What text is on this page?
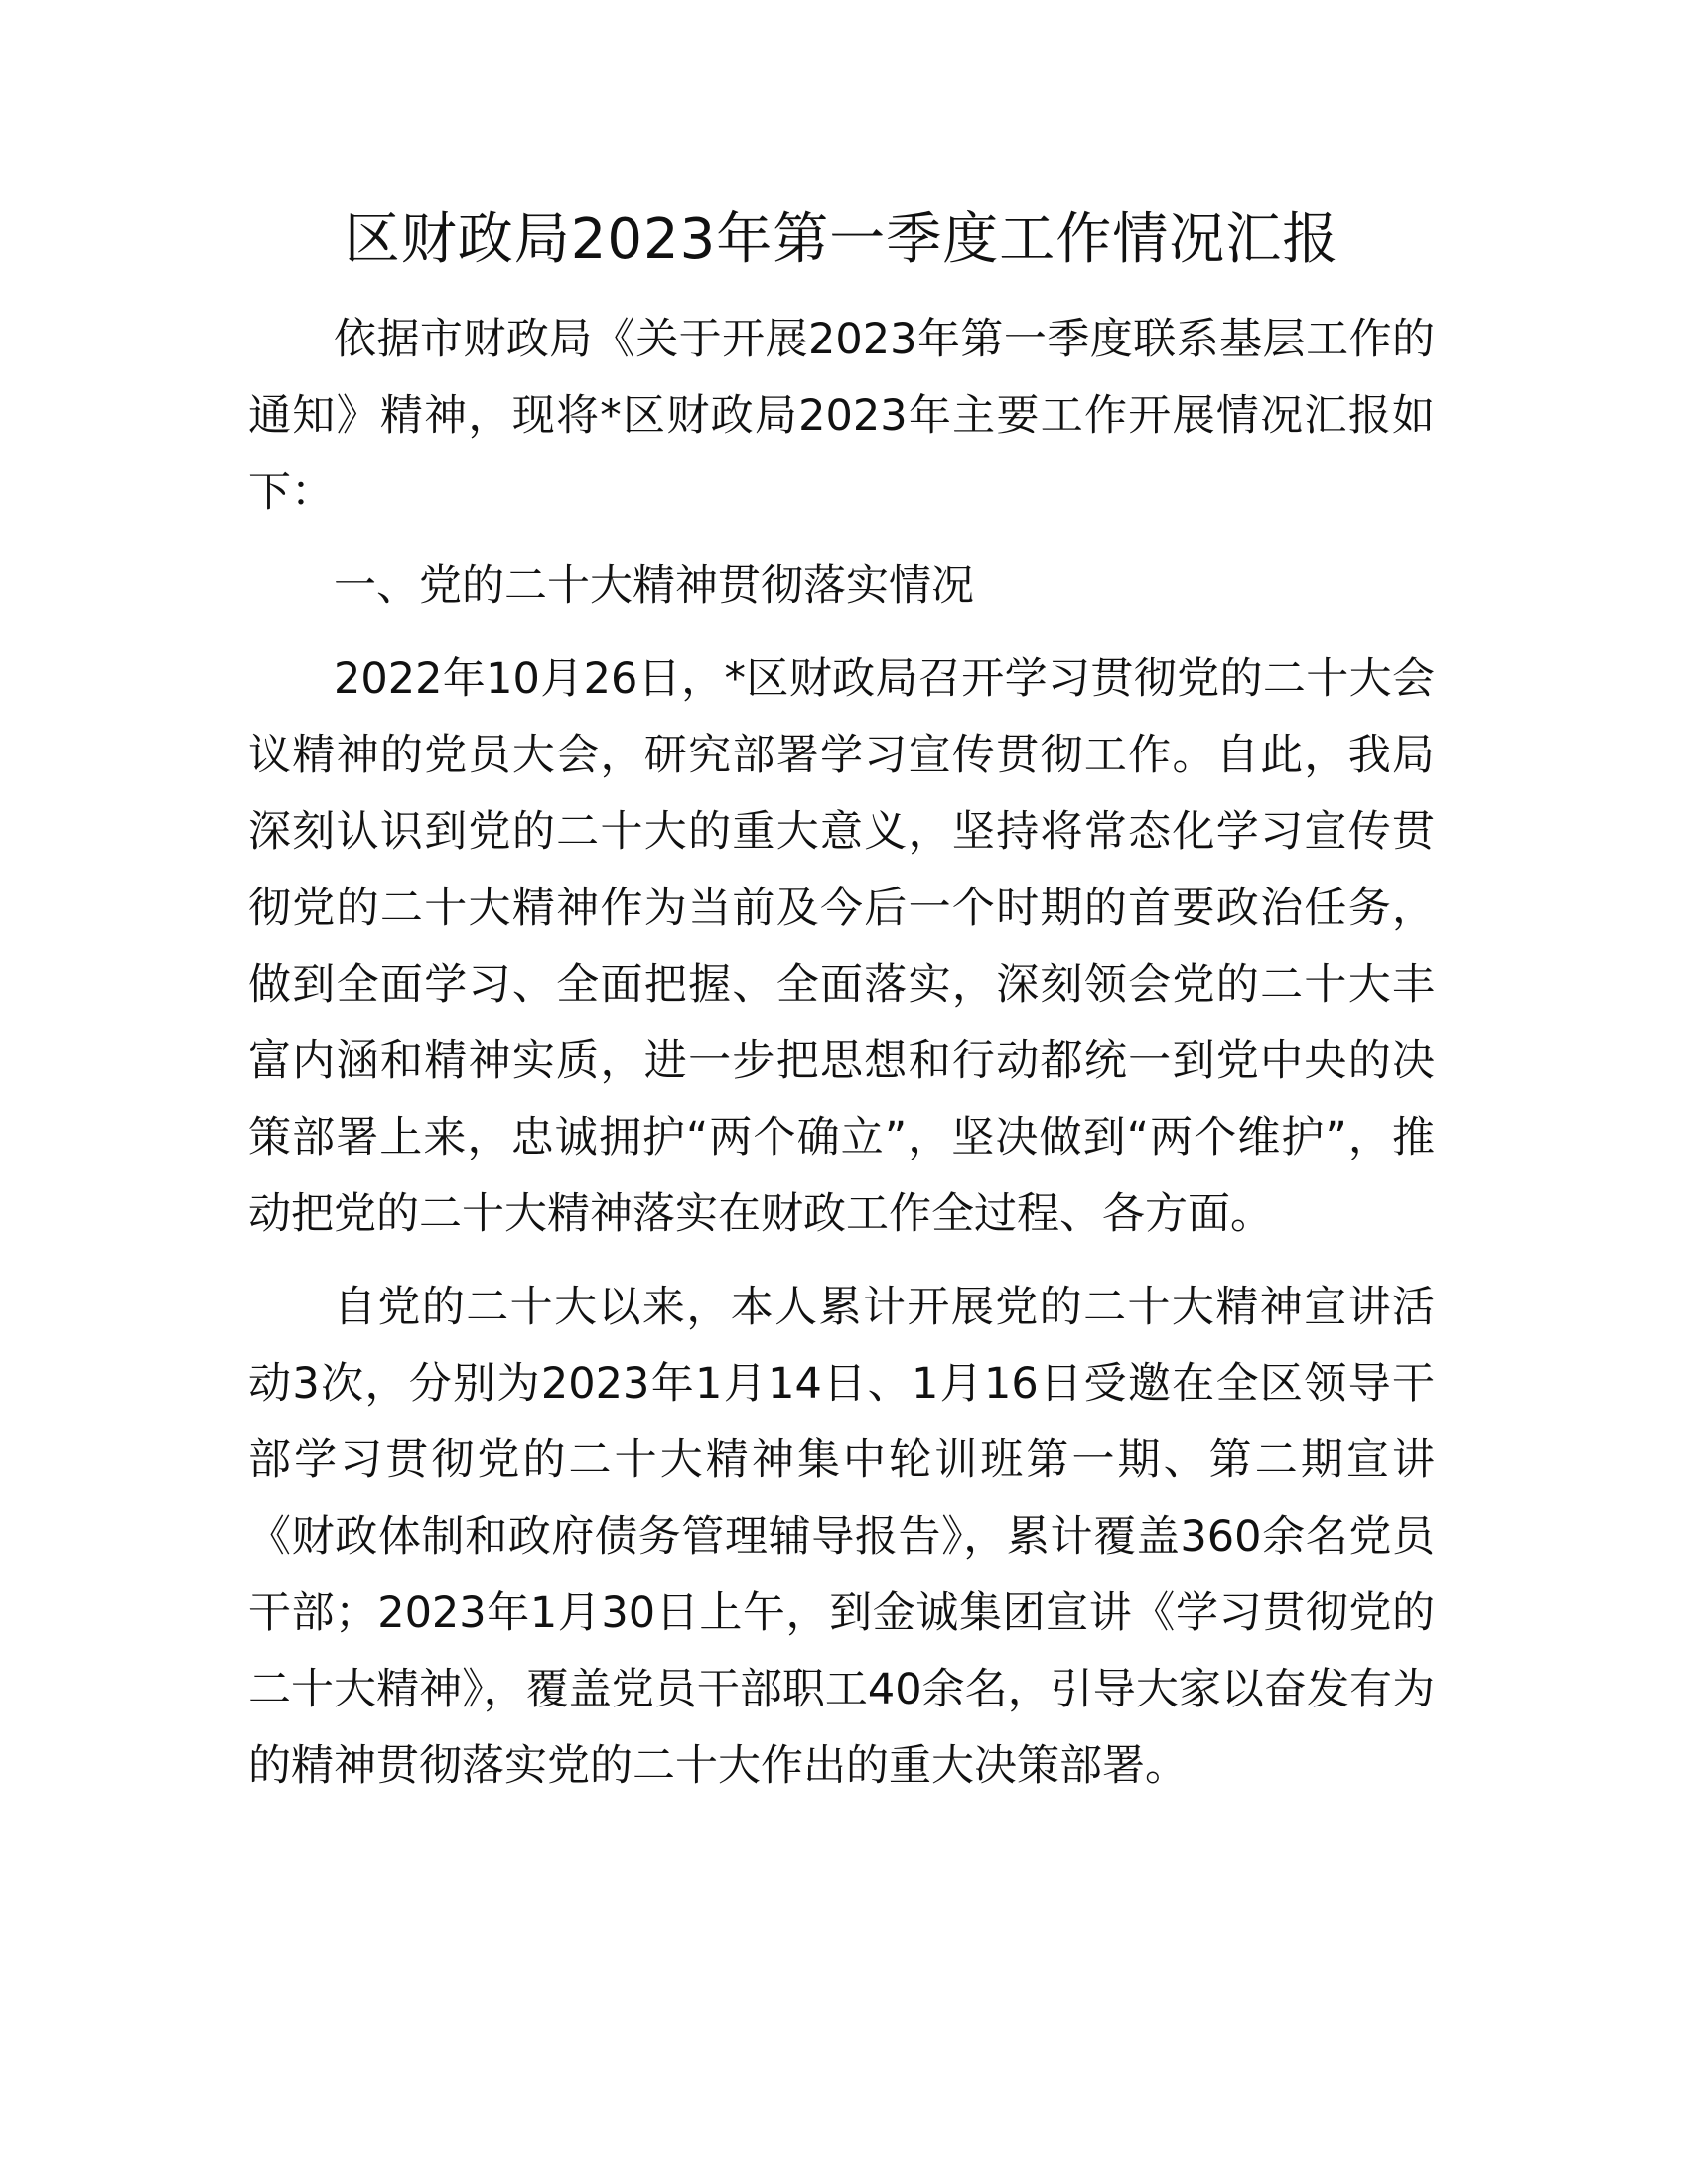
区财政局2023年第一季度工作情况汇报

依据市财政局《关于开展2023年第一季度联系基层工作的通知》精神，现将*区财政局2023年主要工作开展情况汇报如下：

一、党的二十大精神贯彻落实情况

2022年10月26日，*区财政局召开学习贯彻党的二十大会议精神的党员大会，研究部署学习宣传贯彻工作。自此，我局深刻认识到党的二十大的重大意义，坚持将常态化学习宣传贯彻党的二十大精神作为当前及今后一个时期的首要政治任务，做到全面学习、全面把握、全面落实，深刻领会党的二十大丰富内涵和精神实质，进一步把思想和行动都统一到党中央的决策部署上来，忠诚拥护“两个确立”，坚决做到“两个维护”，推动把党的二十大精神落实在财政工作全过程、各方面。

自党的二十大以来，本人累计开展党的二十大精神宣讲活动3次，分别为2023年1月14日、1月16日受邀在全区领导干部学习贯彻党的二十大精神集中轮训班第一期、第二期宣讲《财政体制和政府债务管理辅导报告》，累计覆盖360余名党员干部；2023年1月30日上午，到金诚集团宣讲《学习贯彻党的二十大精神》，覆盖党员干部职工40余名，引导大家以奋发有为的精神贯彻落实党的二十大作出的重大决策部署。
